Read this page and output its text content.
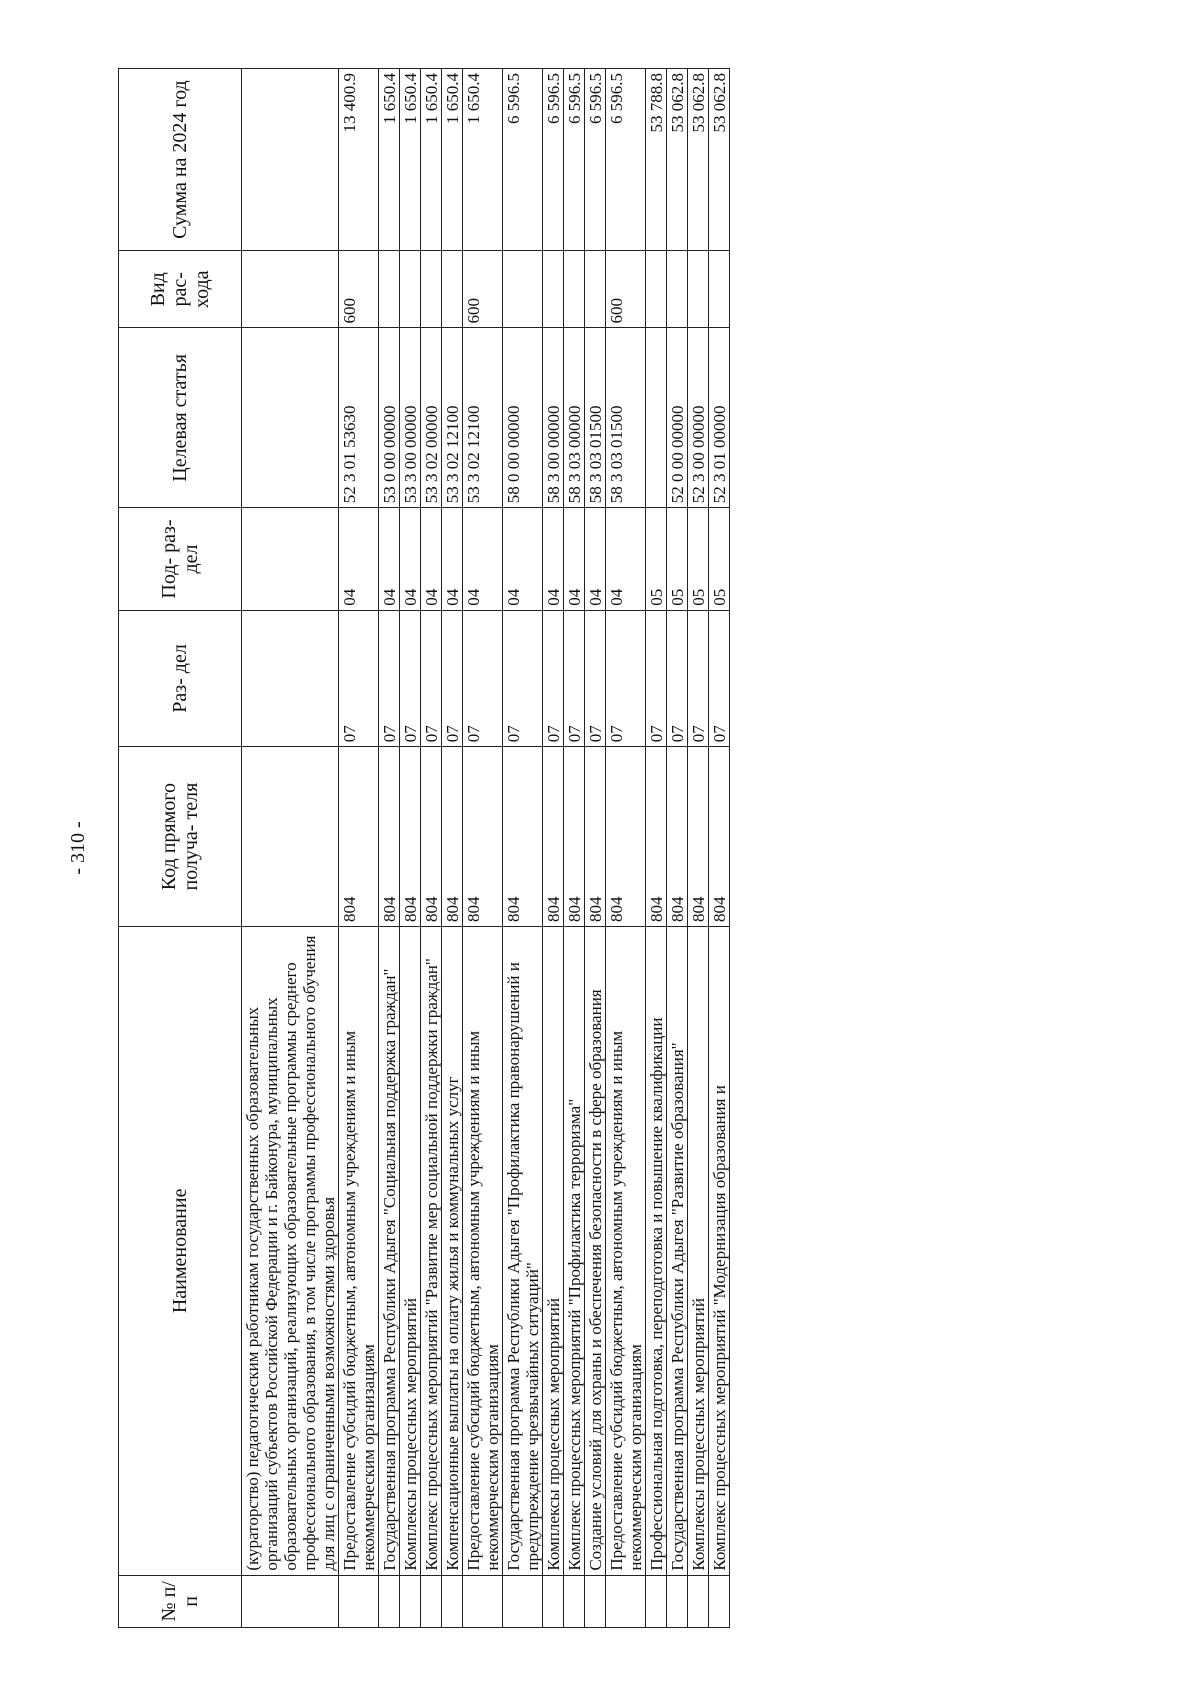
- 310 -
№ п/п	Наименование	Код прямого получа- теля	Раз- дел	Под- раз- дел	Целевая статья	Вид рас- хода	Сумма на 2024 год
	(кураторство) педагогическим работникам государственных образовательных организаций субъектов Российской Федерации и г. Байконура, муниципальных образовательных организаций, реализующих образовательные программы среднего профессионального образования, в том числе программы профессионального обучения для лиц с ограниченными возможностями здоровья						
	Предоставление субсидий бюджетным, автономным учреждениям и иным некоммерческим организациям	804	07	04	52 3 01 53630	600	13 400.9
	Государственная программа Республики Адыгея "Социальная поддержка граждан"	804	07	04	53 0 00 00000		1 650.4
	Комплексы процессных мероприятий	804	07	04	53 3 00 00000		1 650.4
	Комплекс процессных мероприятий "Развитие мер социальной поддержки граждан"	804	07	04	53 3 02 00000		1 650.4
	Компенсационные выплаты на оплату жилья и коммунальных услуг	804	07	04	53 3 02 12100		1 650.4
	Предоставление субсидий бюджетным, автономным учреждениям и иным некоммерческим организациям	804	07	04	53 3 02 12100	600	1 650.4
	Государственная программа Республики Адыгея "Профилактика правонарушений и предупреждение чрезвычайных ситуаций"	804	07	04	58 0 00 00000		6 596.5
	Комплексы процессных мероприятий	804	07	04	58 3 00 00000		6 596.5
	Комплекс процессных мероприятий "Профилактика терроризма"	804	07	04	58 3 03 00000		6 596.5
	Создание условий для охраны и обеспечения безопасности в сфере образования	804	07	04	58 3 03 01500		6 596.5
	Предоставление субсидий бюджетным, автономным учреждениям и иным некоммерческим организациям	804	07	04	58 3 03 01500	600	6 596.5
	Профессиональная подготовка, переподготовка и повышение квалификации	804	07	05			53 788.8
	Государственная программа Республики Адыгея "Развитие образования"	804	07	05	52 0 00 00000		53 062.8
	Комплексы процессных мероприятий	804	07	05	52 3 00 00000		53 062.8
	Комплекс процессных мероприятий "Модернизация образования и	804	07	05	52 3 01 00000		53 062.8
